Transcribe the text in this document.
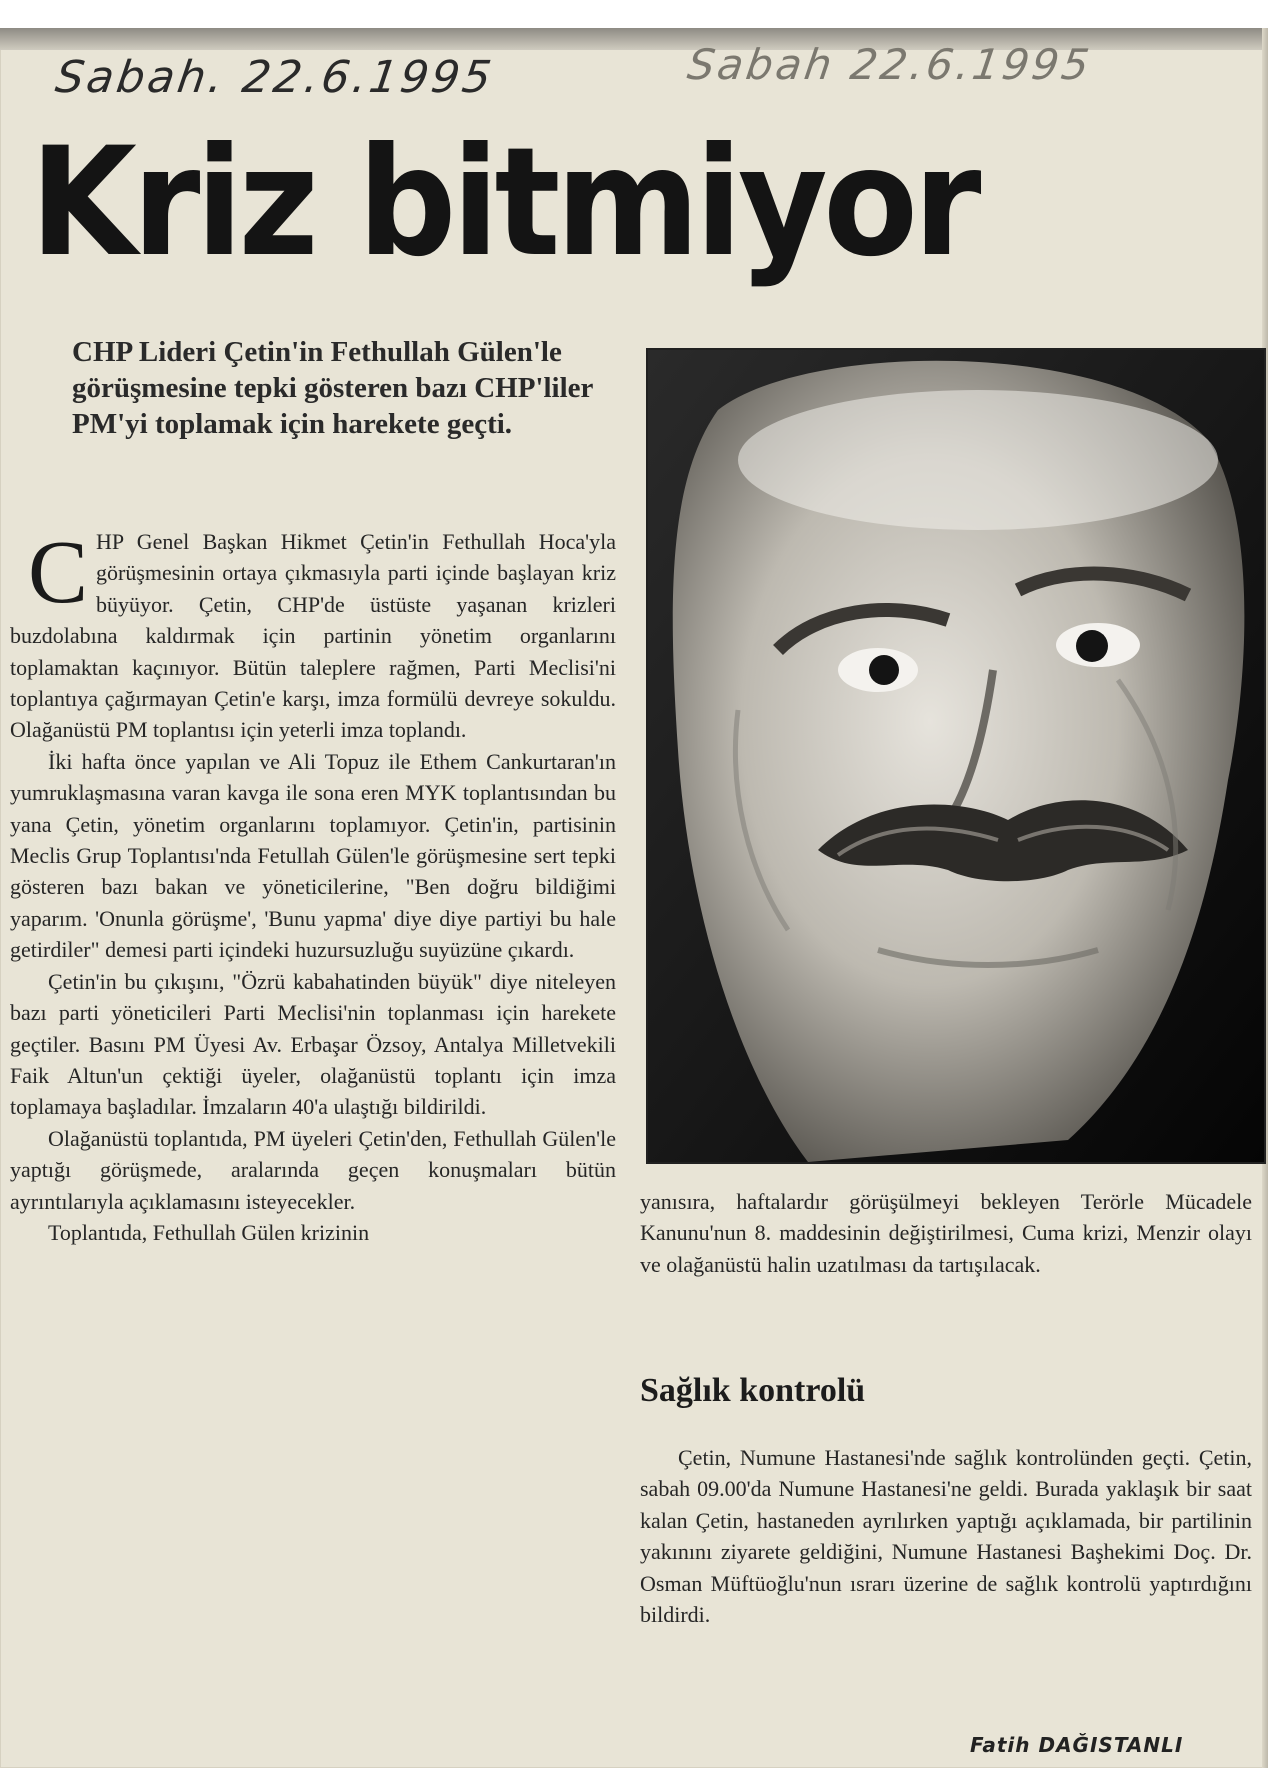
Sabah. 22.6.1995	Sabah 22.6.1995
Kriz bitmiyor
CHP Lideri Çetin'in Fethullah Gülen'le görüşmesine tepki gösteren bazı CHP'liler PM'yi toplamak için harekete geçti.
C HP Genel Başkan Hikmet Çetin'in Fethullah Hoca'yla görüşmesinin ortaya çıkmasıyla parti içinde başlayan kriz büyüyor. Çetin, CHP'de üstüste yaşanan krizleri buzdolabına kaldırmak için partinin yönetim organlarını toplamaktan kaçınıyor. Bütün taleplere rağmen, Parti Meclisi'ni toplantıya çağırmayan Çetin'e karşı, imza formülü devreye sokuldu. Olağanüstü PM toplantısı için yeterli imza toplandı.

İki hafta önce yapılan ve Ali Topuz ile Ethem Cankurtaran'ın yumruklaşmasına varan kavga ile sona eren MYK toplantısından bu yana Çetin, yönetim organlarını toplamıyor. Çetin'in, partisinin Meclis Grup Toplantısı'nda Fetullah Gülen'le görüşmesine sert tepki gösteren bazı bakan ve yöneticilerine, "Ben doğru bildiğimi yaparım. 'Onunla görüşme', 'Bunu yapma' diye diye partiyi bu hale getirdiler" demesi parti içindeki huzursuzluğu suyüzüne çıkardı.

Çetin'in bu çıkışını, "Özrü kabahatinden büyük" diye niteleyen bazı parti yöneticileri Parti Meclisi'nin toplanması için harekete geçtiler. Basını PM Üyesi Av. Erbaşar Özsoy, Antalya Milletvekili Faik Altun'un çektiği üyeler, olağanüstü toplantı için imza toplamaya başladılar. İmzaların 40'a ulaştığı bildirildi.

Olağanüstü toplantıda, PM üyeleri Çetin'den, Fethullah Gülen'le yaptığı görüşmede, aralarında geçen konuşmaları bütün ayrıntılarıyla açıklamasını isteyecekler.

Toplantıda, Fethullah Gülen krizinin

yanısıra, haftalardır görüşülmeyi bekleyen Terörle Mücadele Kanunu'nun 8. maddesinin değiştirilmesi, Cuma krizi, Menzir olayı ve olağanüstü halin uzatılması da tartışılacak.

Sağlık kontrolü

Çetin, Numune Hastanesi'nde sağlık kontrolünden geçti. Çetin, sabah 09.00'da Numune Hastanesi'ne geldi. Burada yaklaşık bir saat kalan Çetin, hastaneden ayrılırken yaptığı açıklamada, bir partilinin yakınını ziyarete geldiğini, Numune Hastanesi Başhekimi Doç. Dr. Osman Müftüoğlu'nun ısrarı üzerine de sağlık kontrolü yaptırdığını bildirdi.

Fatih DAĞISTANLI
